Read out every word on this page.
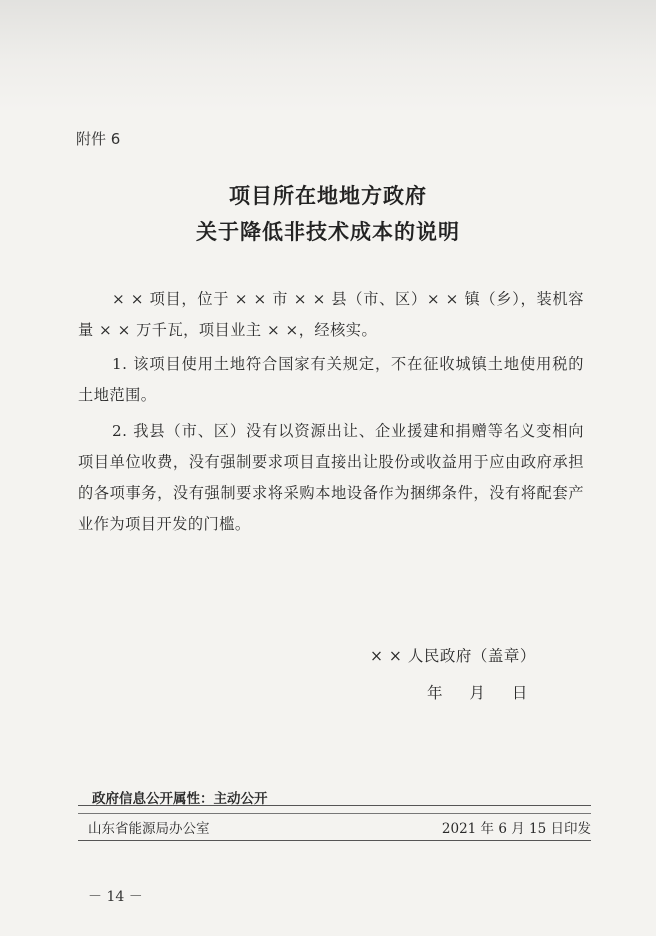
附件 6
项目所在地地方政府
关于降低非技术成本的说明
× × 项目，位于 × × 市 × × 县（市、区）× × 镇（乡），装机容量 × × 万千瓦，项目业主 × ×，经核实。
1. 该项目使用土地符合国家有关规定，不在征收城镇土地使用税的土地范围。
2. 我县（市、区）没有以资源出让、企业援建和捐赠等名义变相向项目单位收费，没有强制要求项目直接出让股份或收益用于应由政府承担的各项事务，没有强制要求将采购本地设备作为捆绑条件，没有将配套产业作为项目开发的门槛。
× × 人民政府（盖章）
年 月 日
政府信息公开属性：主动公开
山东省能源局办公室	2021 年 6 月 15 日印发
－ 14 －
